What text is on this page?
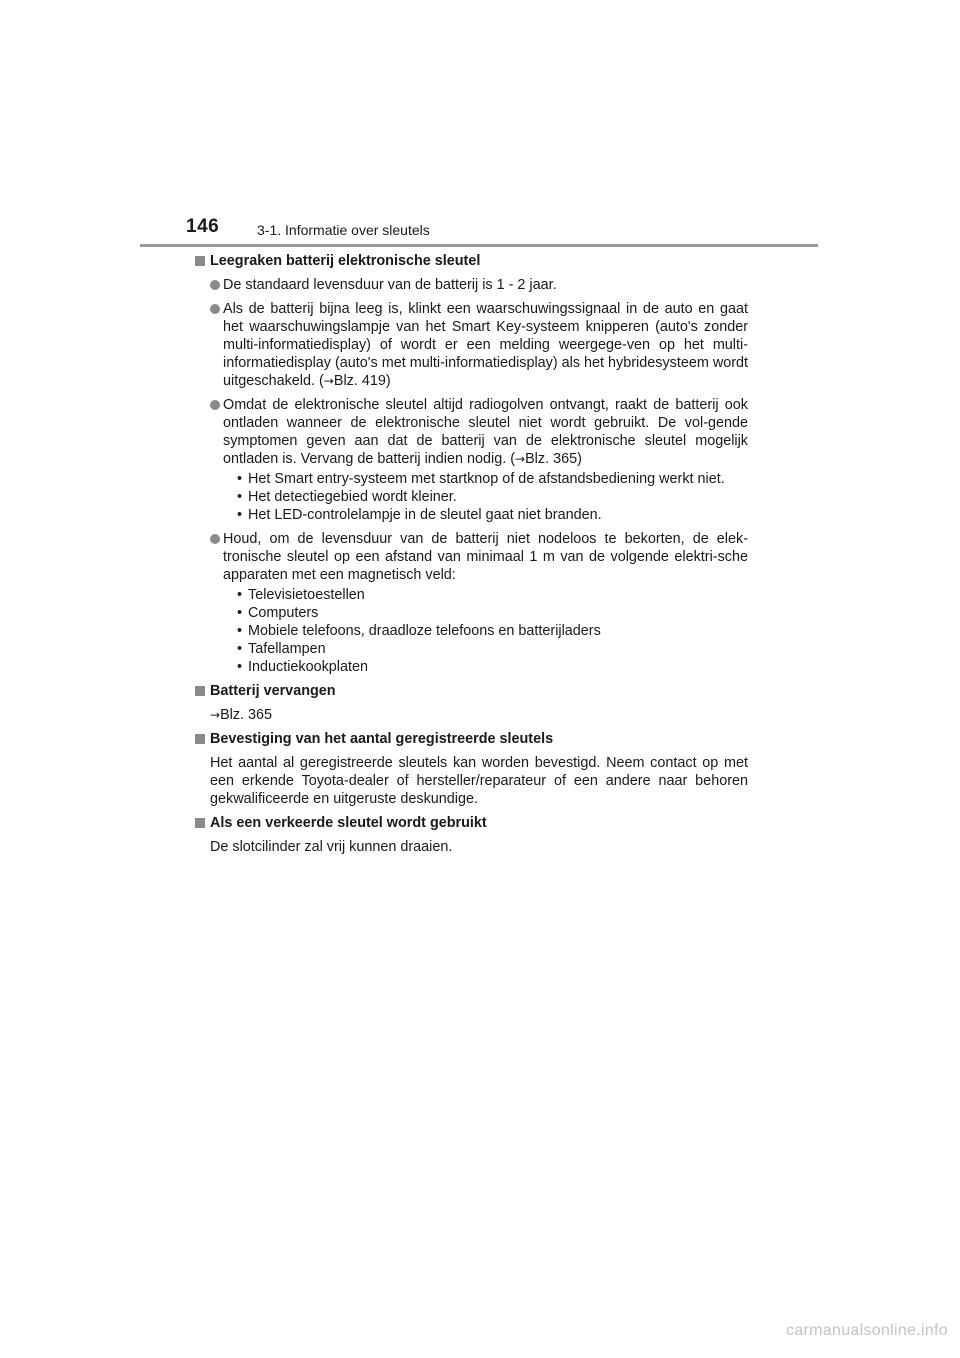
146	3-1. Informatie over sleutels
Leegraken batterij elektronische sleutel
De standaard levensduur van de batterij is 1 - 2 jaar.
Als de batterij bijna leeg is, klinkt een waarschuwingssignaal in de auto en gaat het waarschuwingslampje van het Smart Key-systeem knipperen (auto's zonder multi-informatiedisplay) of wordt er een melding weergege-ven op het multi-informatiedisplay (auto's met multi-informatiedisplay) als het hybridesysteem wordt uitgeschakeld. (→Blz. 419)
Omdat de elektronische sleutel altijd radiogolven ontvangt, raakt de batterij ook ontladen wanneer de elektronische sleutel niet wordt gebruikt. De vol-gende symptomen geven aan dat de batterij van de elektronische sleutel mogelijk ontladen is. Vervang de batterij indien nodig. (→Blz. 365)
• Het Smart entry-systeem met startknop of de afstandsbediening werkt niet.
• Het detectiegebied wordt kleiner.
• Het LED-controlelampje in de sleutel gaat niet branden.
Houd, om de levensduur van de batterij niet nodeloos te bekorten, de elek-tronische sleutel op een afstand van minimaal 1 m van de volgende elektri-sche apparaten met een magnetisch veld:
• Televisietoestellen
• Computers
• Mobiele telefoons, draadloze telefoons en batterijladers
• Tafellampen
• Inductiekookplaten
Batterij vervangen
→Blz. 365
Bevestiging van het aantal geregistreerde sleutels
Het aantal al geregistreerde sleutels kan worden bevestigd. Neem contact op met een erkende Toyota-dealer of hersteller/reparateur of een andere naar behoren gekwalificeerde en uitgeruste deskundige.
Als een verkeerde sleutel wordt gebruikt
De slotcilinder zal vrij kunnen draaien.
carmanualsonline.info
